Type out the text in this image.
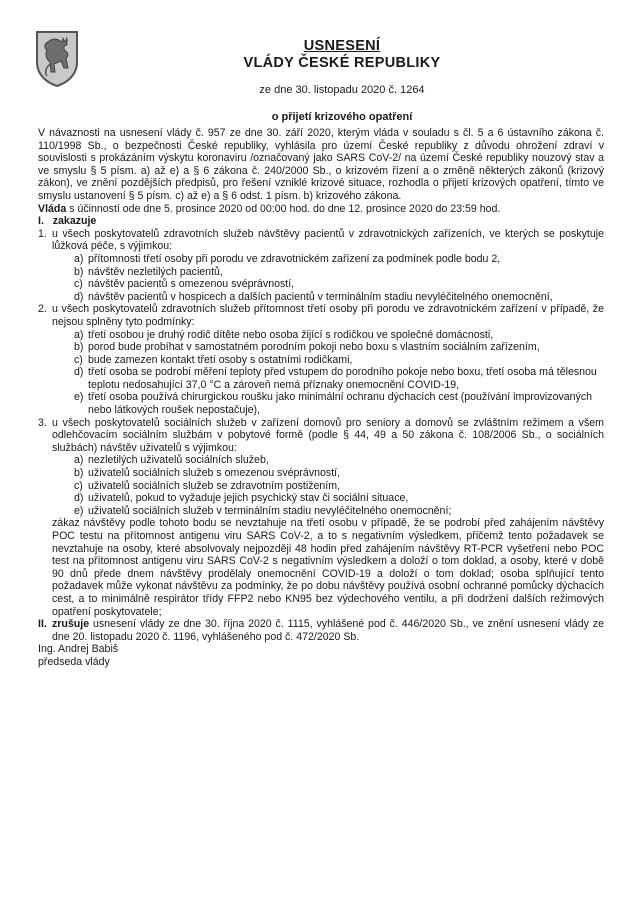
USNESENÍ
VLÁDY ČESKÉ REPUBLIKY
ze dne 30. listopadu 2020 č. 1264
o přijetí krizového opatření

V návaznosti na usnesení vlády č. 957 ze dne 30. září 2020, kterým vláda v souladu s čl. 5 a 6 ústavního zákona č. 110/1998 Sb., o bezpečnosti České republiky, vyhlásila pro území České republiky z důvodu ohrožení zdraví v souvislosti s prokázáním výskytu koronaviru /označovaný jako SARS CoV-2/ na území České republiky nouzový stav a ve smyslu § 5 písm. a) až e) a § 6 zákona č. 240/2000 Sb., o krizovém řízení a o změně některých zákonů (krizový zákon), ve znění pozdějších předpisů, pro řešení vzniklé krizové situace, rozhodla o přijetí krizových opatření, tímto ve smyslu ustanovení § 5 písm. c) až e) a § 6 odst. 1 písm. b) krizového zákona.

Vláda s účinností ode dne 5. prosince 2020 od 00:00 hod. do dne 12. prosince 2020 do 23:59 hod.

I. zakazuje
1. u všech poskytovatelů zdravotních služeb návštěvy pacientů v zdravotnických zařízeních, ve kterých se poskytuje lůžková péče, s výjimkou:
a) přítomnosti třetí osoby při porodu ve zdravotnickém zařízení za podmínek podle bodu 2,
b) návštěv nezletilých pacientů,
c) návštěv pacientů s omezenou svéprávností,
d) návštěv pacientů v hospicech a dalších pacientů v terminálním stadiu nevyléčitelného onemocnění,
2. u všech poskytovatelů zdravotních služeb přítomnost třetí osoby při porodu ve zdravotnickém zařízení v případě, že nejsou splněny tyto podmínky:
a) třetí osobou je druhý rodič dítěte nebo osoba žijící s rodičkou ve společné domácnosti,
b) porod bude probíhat v samostatném porodním pokoji nebo boxu s vlastním sociálním zařízením,
c) bude zamezen kontakt třetí osoby s ostatními rodičkami,
d) třetí osoba se podrobí měření teploty před vstupem do porodního pokoje nebo boxu, třetí osoba má tělesnou teplotu nedosahující 37,0 °C a zároveň nemá příznaky onemocnění COVID-19,
e) třetí osoba používá chirurgickou roušku jako minimální ochranu dýchacích cest (používání improvizovaných nebo látkových roušek nepostačuje),
3. u všech poskytovatelů sociálních služeb v zařízení domovů pro seniory a domovů se zvláštním režimem a všem odlehčovacím sociálním službám v pobytové formě (podle § 44, 49 a 50 zákona č. 108/2006 Sb., o sociálních službách) návštěv uživatelů s výjimkou:
a) nezletilých uživatelů sociálních služeb,
b) uživatelů sociálních služeb s omezenou svéprávností,
c) uživatelů sociálních služeb se zdravotním postižením,
d) uživatelů, pokud to vyžaduje jejich psychický stav či sociální situace,
e) uživatelů sociálních služeb v terminálním stadiu nevyléčitelného onemocnění;
zákaz návštěvy podle tohoto bodu se nevztahuje na třetí osobu v případě, že se podrobí před zahájením návštěvy POC testu na přítomnost antigenu viru SARS CoV-2, a to s negativním výsledkem, přičemž tento požadavek se nevztahuje na osoby, které absolvovaly nejpozději 48 hodin před zahájením návštěvy RT-PCR vyšetření nebo POC test na přítomnost antigenu viru SARS CoV-2 s negativním výsledkem a doloží o tom doklad, a osoby, které v době 90 dnů přede dnem návštěvy prodělaly onemocnění COVID-19 a doloží o tom doklad; osoba splňující tento požadavek může vykonat návštěvu za podmínky, že po dobu návštěvy používá osobní ochranné pomůcky dýchacích cest, a to minimálně respirátor třídy FFP2 nebo KN95 bez výdechového ventilu, a při dodržení dalších režimových opatření poskytovatele;
II. zrušuje usnesení vlády ze dne 30. října 2020 č. 1115, vyhlášené pod č. 446/2020 Sb., ve znění usnesení vlády ze dne 20. listopadu 2020 č. 1196, vyhlášeného pod č. 472/2020 Sb.
Ing. Andrej Babiš
předseda vlády
